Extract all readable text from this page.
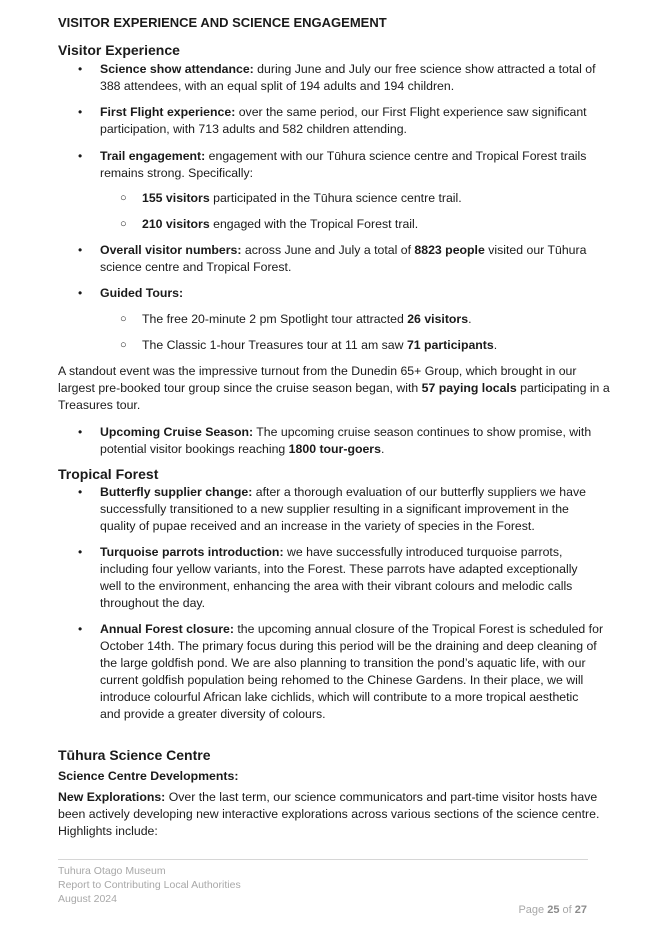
VISITOR EXPERIENCE AND SCIENCE ENGAGEMENT

Visitor Experience

• Science show attendance: during June and July our free science show attracted a total of

388 attendees, with an equal split of 194 adults and 194 children.

• First Flight experience: over the same period, our First Flight experience saw significant

participation, with 713 adults and 582 children attending.

• Trail engagement: engagement with our Tūhura science centre and Tropical Forest trails

remains strong. Specifically:

○ 155 visitors participated in the Tūhura science centre trail.

○ 210 visitors engaged with the Tropical Forest trail.

• Overall visitor numbers: across June and July a total of 8823 people visited our Tūhura

science centre and Tropical Forest.

• Guided Tours:

○ The free 20-minute 2 pm Spotlight tour attracted 26 visitors.

○ The Classic 1-hour Treasures tour at 11 am saw 71 participants.

A standout event was the impressive turnout from the Dunedin 65+ Group, which brought in our

largest pre-booked tour group since the cruise season began, with 57 paying locals participating in a

Treasures tour.

• Upcoming Cruise Season: The upcoming cruise season continues to show promise, with

potential visitor bookings reaching 1800 tour-goers.

Tropical Forest

• Butterfly supplier change: after a thorough evaluation of our butterfly suppliers we have

successfully transitioned to a new supplier resulting in a significant improvement in the

quality of pupae received and an increase in the variety of species in the Forest.

• Turquoise parrots introduction: we have successfully introduced turquoise parrots,

including four yellow variants, into the Forest. These parrots have adapted exceptionally

well to the environment, enhancing the area with their vibrant colours and melodic calls

throughout the day.

• Annual Forest closure: the upcoming annual closure of the Tropical Forest is scheduled for

October 14th. The primary focus during this period will be the draining and deep cleaning of

the large goldfish pond. We are also planning to transition the pond’s aquatic life, with our

current goldfish population being rehomed to the Chinese Gardens. In their place, we will

introduce colourful African lake cichlids, which will contribute to a more tropical aesthetic

and provide a greater diversity of colours.

Tūhura Science Centre

Science Centre Developments:

New Explorations: Over the last term, our science communicators and part-time visitor hosts have

been actively developing new interactive explorations across various sections of the science centre.

Highlights include:

Tuhura Otago Museum

Report to Contributing Local Authorities

August 2024

Page 25 of 27
